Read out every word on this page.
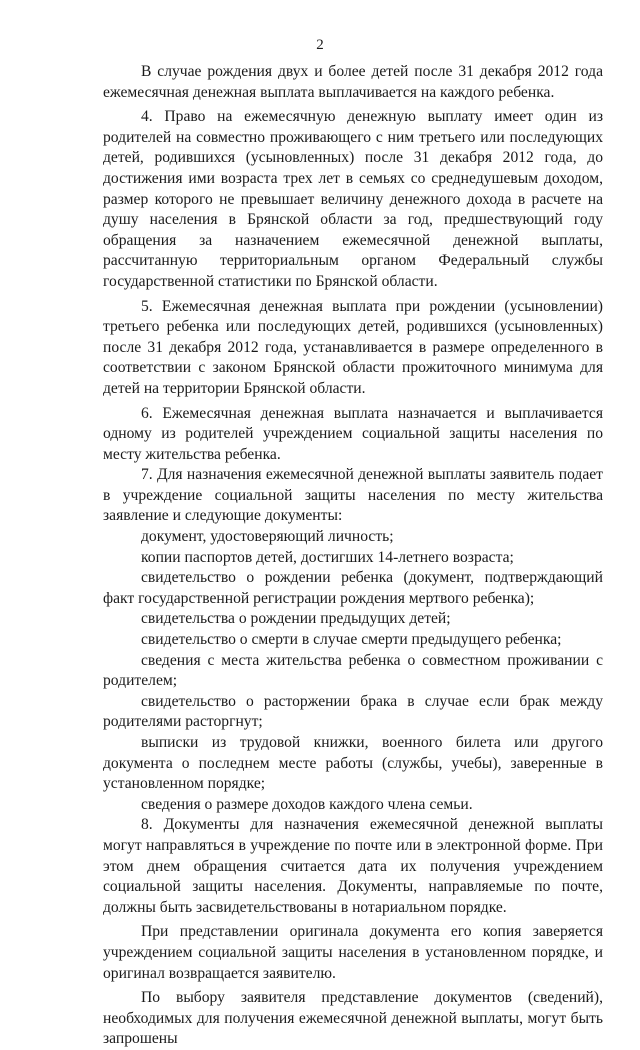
2

В случае рождения двух и более детей после 31 декабря 2012 года ежемесячная денежная выплата выплачивается на каждого ребенка.

4. Право на ежемесячную денежную выплату имеет один из родителей на совместно проживающего с ним третьего или последующих детей, родившихся (усыновленных) после 31 декабря 2012 года, до достижения ими возраста трех лет в семьях со среднедушевым доходом, размер которого не превышает величину денежного дохода в расчете на душу населения в Брянской области за год, предшествующий году обращения за назначением ежемесячной денежной выплаты, рассчитанную территориальным органом Федеральный службы государственной статистики по Брянской области.

5. Ежемесячная денежная выплата при рождении (усыновлении) третьего ребенка или последующих детей, родившихся (усыновленных) после 31 декабря 2012 года, устанавливается в размере определенного в соответствии с законом Брянской области прожиточного минимума для детей на территории Брянской области.

6. Ежемесячная денежная выплата назначается и выплачивается одному из родителей учреждением социальной защиты населения по месту жительства ребенка.

7. Для назначения ежемесячной денежной выплаты заявитель подает в учреждение социальной защиты населения по месту жительства заявление и следующие документы:

документ, удостоверяющий личность;

копии паспортов детей, достигших 14-летнего возраста;

свидетельство о рождении ребенка (документ, подтверждающий факт государственной регистрации рождения мертвого ребенка);

свидетельства о рождении предыдущих детей;

свидетельство о смерти в случае смерти предыдущего ребенка;

сведения с места жительства ребенка о совместном проживании с родителем;

свидетельство о расторжении брака в случае если брак между родителями расторгнут;

выписки из трудовой книжки, военного билета или другого документа о последнем месте работы (службы, учебы), заверенные в установленном порядке;

сведения о размере доходов каждого члена семьи.

8. Документы для назначения ежемесячной денежной выплаты могут направляться в учреждение по почте или в электронной форме. При этом днем обращения считается дата их получения учреждением социальной защиты населения. Документы, направляемые по почте, должны быть засвидетельствованы в нотариальном порядке.

При представлении оригинала документа его копия заверяется учреждением социальной защиты населения в установленном порядке, и оригинал возвращается заявителю.

По выбору заявителя представление документов (сведений), необходимых для получения ежемесячной денежной выплаты, могут быть запрошены
